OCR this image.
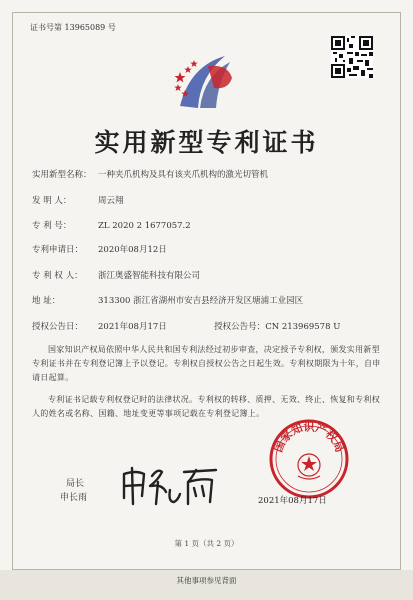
证书号第 13965089 号
实用新型专利证书
实用新型名称： 一种夹爪机构及具有该夹爪机构的激光切管机
发 明 人：	周云翔
专 利 号：	ZL 2020 2 1677057.2
专利申请日： 2020年08月12日
专 利 权 人： 浙江奥盛智能科技有限公司
地 址：	313300 浙江省湖州市安吉县经济开发区塘浦工业园区
授权公告日： 2021年08月17日	授权公告号：CN 213969578 U
国家知识产权局依照中华人民共和国专利法经过初步审查，决定授予专利权，颁发实用新型专利证书并在专利登记簿上予以登记。专利权自授权公告之日起生效。专利权期限为十年，自申请日起算。
专利证书记载专利权登记时的法律状况。专利权的转移、质押、无效、终止、恢复和专利权人的姓名或名称、国籍、地址变更等事项记载在专利登记簿上。
局长
申长雨
国家知识产权局
2021年08月17日
第 1 页（共 2 页）
其他事项参见背面
